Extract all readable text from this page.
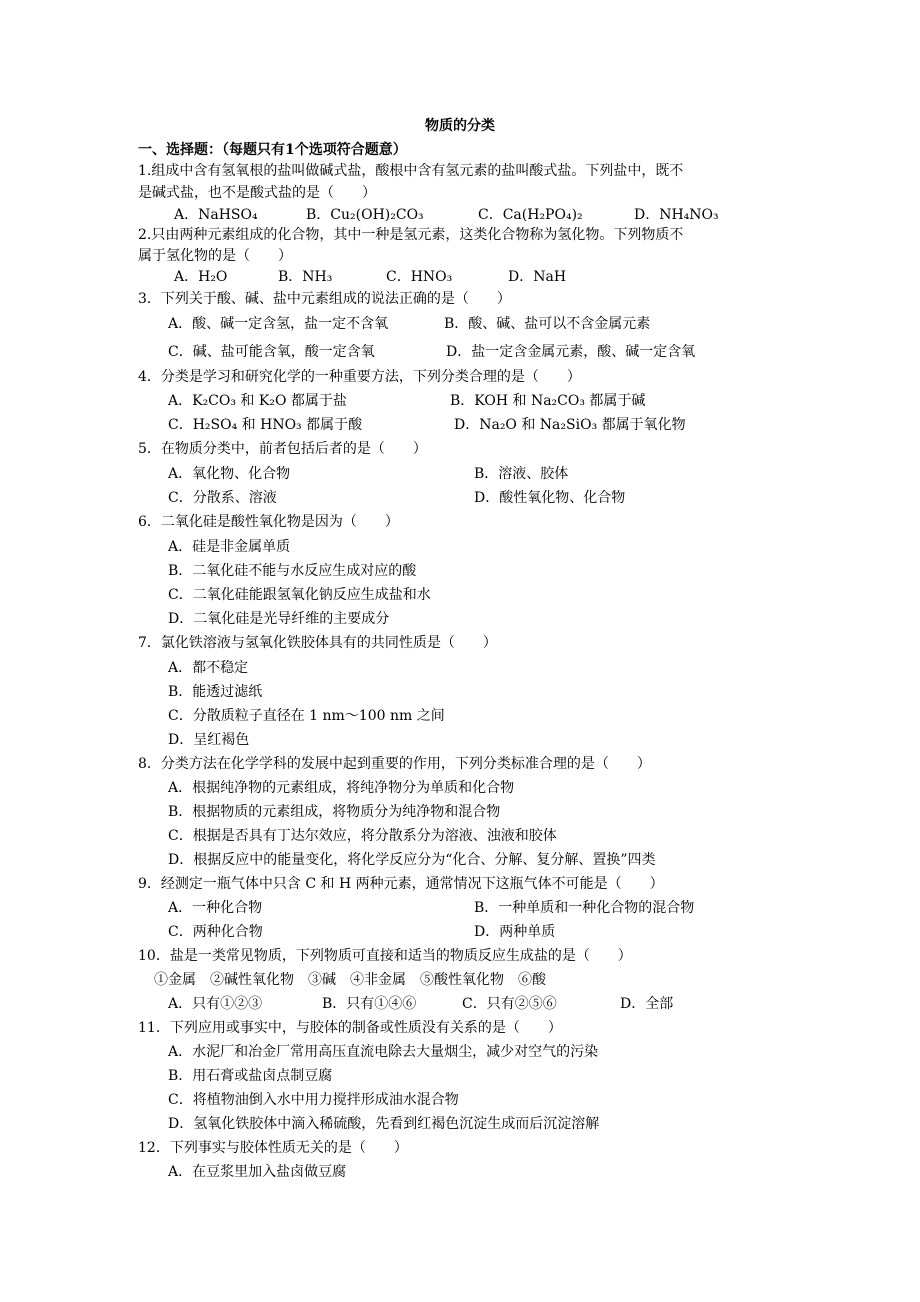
物质的分类
一、选择题：（每题只有1个选项符合题意）
1.组成中含有氢氧根的盐叫做碱式盐，酸根中含有氢元素的盐叫酸式盐。下列盐中，既不
是碱式盐，也不是酸式盐的是（　　）
A．NaHSO₄	B．Cu₂(OH)₂CO₃	C．Ca(H₂PO₄)₂	D．NH₄NO₃
2.只由两种元素组成的化合物，其中一种是氢元素，这类化合物称为氢化物。下列物质不
属于氢化物的是（　　）
A．H₂O	B．NH₃	C．HNO₃	D．NaH
3．下列关于酸、碱、盐中元素组成的说法正确的是（　　）
A．酸、碱一定含氢，盐一定不含氧	B．酸、碱、盐可以不含金属元素
C．碱、盐可能含氧，酸一定含氧	D．盐一定含金属元素，酸、碱一定含氧
4．分类是学习和研究化学的一种重要方法，下列分类合理的是（　　）
A．K₂CO₃ 和 K₂O 都属于盐	B．KOH 和 Na₂CO₃ 都属于碱
C．H₂SO₄ 和 HNO₃ 都属于酸	D．Na₂O 和 Na₂SiO₃ 都属于氧化物
5．在物质分类中，前者包括后者的是（　　）
A．氧化物、化合物	B．溶液、胶体
C．分散系、溶液	D．酸性氧化物、化合物
6．二氧化硅是酸性氧化物是因为（　　）
A．硅是非金属单质
B．二氧化硅不能与水反应生成对应的酸
C．二氧化硅能跟氢氧化钠反应生成盐和水
D．二氧化硅是光导纤维的主要成分
7．氯化铁溶液与氢氧化铁胶体具有的共同性质是（　　）
A．都不稳定
B．能透过滤纸
C．分散质粒子直径在 1 nm～100 nm 之间
D．呈红褐色
8．分类方法在化学学科的发展中起到重要的作用，下列分类标准合理的是（　　）
A．根据纯净物的元素组成，将纯净物分为单质和化合物
B．根据物质的元素组成，将物质分为纯净物和混合物
C．根据是否具有丁达尔效应，将分散系分为溶液、浊液和胶体
D．根据反应中的能量变化，将化学反应分为“化合、分解、复分解、置换”四类
9．经测定一瓶气体中只含 C 和 H 两种元素，通常情况下这瓶气体不可能是（　　）
A．一种化合物	B．一种单质和一种化合物的混合物
C．两种化合物	D．两种单质
10．盐是一类常见物质，下列物质可直接和适当的物质反应生成盐的是（　　）
①金属　②碱性氧化物　③碱　④非金属　⑤酸性氧化物　⑥酸
A．只有①②③	B．只有①④⑥	C．只有②⑤⑥	D．全部
11．下列应用或事实中，与胶体的制备或性质没有关系的是（　　）
A．水泥厂和冶金厂常用高压直流电除去大量烟尘，减少对空气的污染
B．用石膏或盐卤点制豆腐
C．将植物油倒入水中用力搅拌形成油水混合物
D．氢氧化铁胶体中滴入稀硫酸，先看到红褐色沉淀生成而后沉淀溶解
12．下列事实与胶体性质无关的是（　　）
A．在豆浆里加入盐卤做豆腐
